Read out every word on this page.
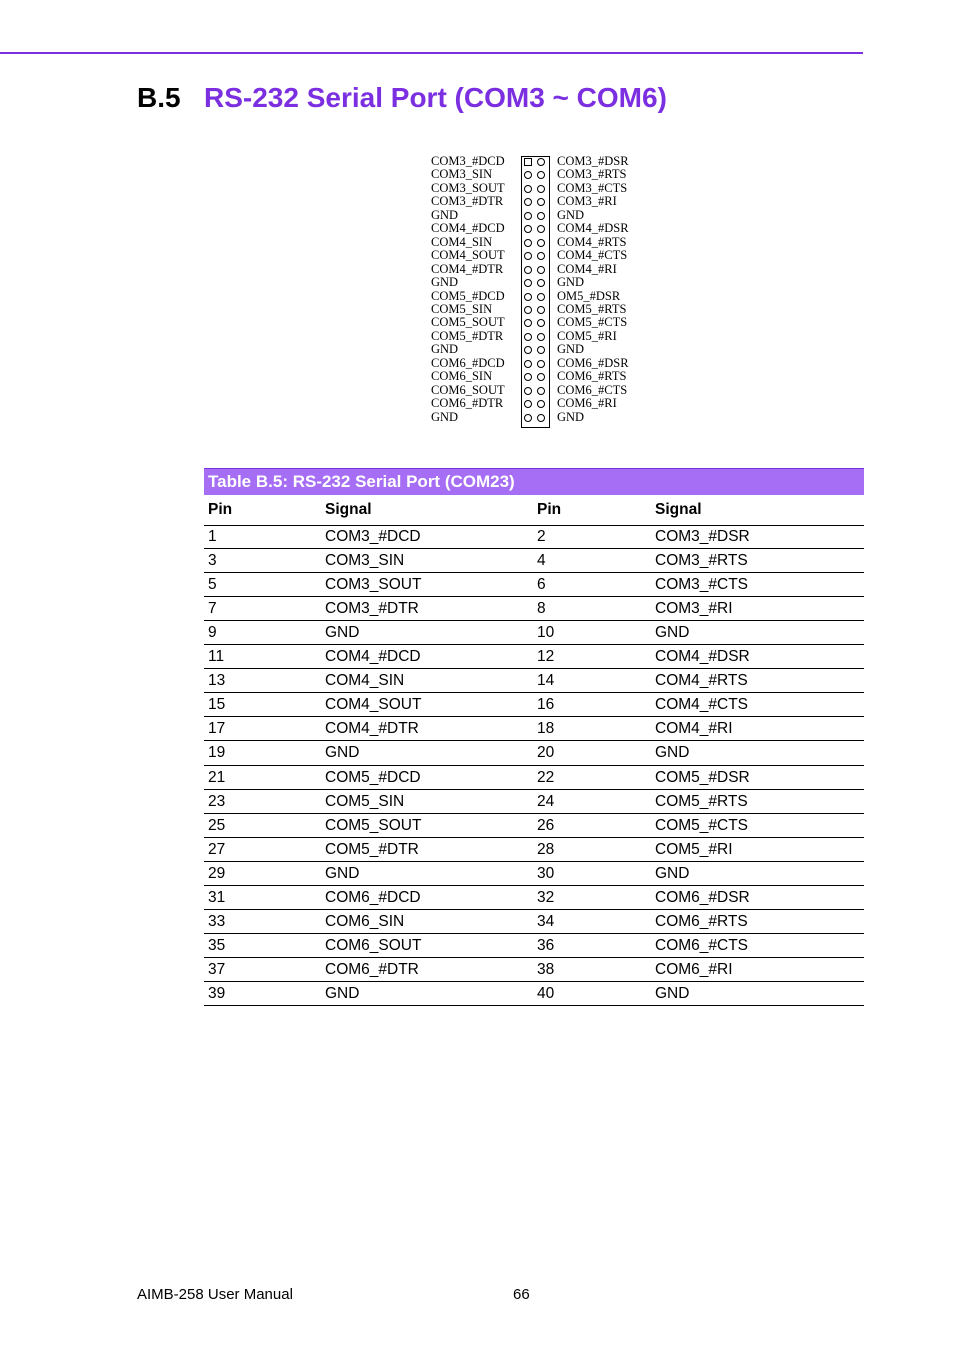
B.5 RS-232 Serial Port (COM3 ~ COM6)
COM3_#DCD	COM3_#DSR
COM3_SIN	COM3_#RTS
COM3_SOUT	COM3_#CTS
COM3_#DTR	COM3_#RI
GND	GND
COM4_#DCD	COM4_#DSR
COM4_SIN	COM4_#RTS
COM4_SOUT	COM4_#CTS
COM4_#DTR	COM4_#RI
GND	GND
COM5_#DCD	OM5_#DSR
COM5_SIN	COM5_#RTS
COM5_SOUT	COM5_#CTS
COM5_#DTR	COM5_#RI
GND	GND
COM6_#DCD	COM6_#DSR
COM6_SIN	COM6_#RTS
COM6_SOUT	COM6_#CTS
COM6_#DTR	COM6_#RI
GND	GND
Table B.5: RS-232 Serial Port (COM23)
Pin	Signal	Pin	Signal
1	COM3_#DCD	2	COM3_#DSR
3	COM3_SIN	4	COM3_#RTS
5	COM3_SOUT	6	COM3_#CTS
7	COM3_#DTR	8	COM3_#RI
9	GND	10	GND
11	COM4_#DCD	12	COM4_#DSR
13	COM4_SIN	14	COM4_#RTS
15	COM4_SOUT	16	COM4_#CTS
17	COM4_#DTR	18	COM4_#RI
19	GND	20	GND
21	COM5_#DCD	22	COM5_#DSR
23	COM5_SIN	24	COM5_#RTS
25	COM5_SOUT	26	COM5_#CTS
27	COM5_#DTR	28	COM5_#RI
29	GND	30	GND
31	COM6_#DCD	32	COM6_#DSR
33	COM6_SIN	34	COM6_#RTS
35	COM6_SOUT	36	COM6_#CTS
37	COM6_#DTR	38	COM6_#RI
39	GND	40	GND
AIMB-258 User Manual	66
